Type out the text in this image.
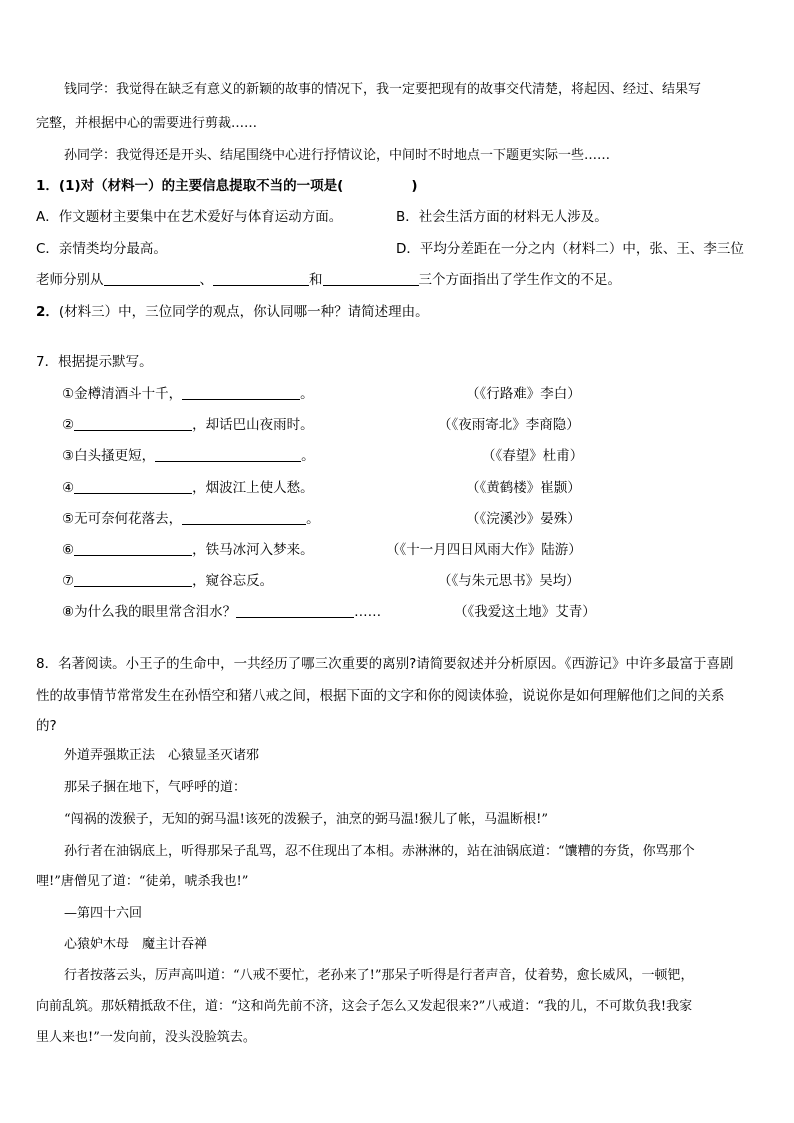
钱同学：我觉得在缺乏有意义的新颖的故事的情况下，我一定要把现有的故事交代清楚，将起因、经过、结果写
完整，并根据中心的需要进行剪裁……
孙同学：我觉得还是开头、结尾围绕中心进行抒情议论，中间时不时地点一下题更实际一些……
1．(1)对（材料一）的主要信息提取不当的一项是(	)
A．作文题材主要集中在艺术爱好与体育运动方面。	B．社会生活方面的材料无人涉及。
C．亲情类均分最高。	D．平均分差距在一分之内（材料二）中，张、王、李三位
老师分别从	、	和	三个方面指出了学生作文的不足。
2．(材料三）中，三位同学的观点，你认同哪一种？请简述理由。
7．根据提示默写。
①金樽清酒斗十千，	。	（《行路难》李白）
②	，却话巴山夜雨时。	（《夜雨寄北》李商隐）
③白头搔更短，	。	（《春望》杜甫）
④	，烟波江上使人愁。	（《黄鹤楼》崔颢）
⑤无可奈何花落去，	。	（《浣溪沙》晏殊）
⑥	，铁马冰河入梦来。	（《十一月四日风雨大作》陆游）
⑦	，窥谷忘反。	（《与朱元思书》吴均）
⑧为什么我的眼里常含泪水？	……	（《我爱这土地》艾青）
8．名著阅读。小王子的生命中，一共经历了哪三次重要的离别?请简要叙述并分析原因。《西游记》中许多最富于喜剧
性的故事情节常常发生在孙悟空和猪八戒之间，根据下面的文字和你的阅读体验，说说你是如何理解他们之间的关系
的?
外道弄强欺正法　心猿显圣灭诸邪
那呆子捆在地下，气呼呼的道：
“闯祸的泼猴子，无知的弼马温!该死的泼猴子，油烹的弼马温!猴儿了帐，马温断根!”
孙行者在油锅底上，听得那呆子乱骂，忍不住现出了本相。赤淋淋的，站在油锅底道：“馕糟的夯货，你骂那个
哩!”唐僧见了道：“徒弟，唬杀我也!”
—第四十六回
心猿妒木母　魔主计吞禅
行者按落云头，厉声高叫道：“八戒不要忙，老孙来了!”那呆子听得是行者声音，仗着势，愈长威风，一顿钯，
向前乱筑。那妖精抵敌不住，道：“这和尚先前不济，这会子怎么又发起很来?”八戒道：“我的儿，不可欺负我!我家
里人来也!”一发向前，没头没脸筑去。
